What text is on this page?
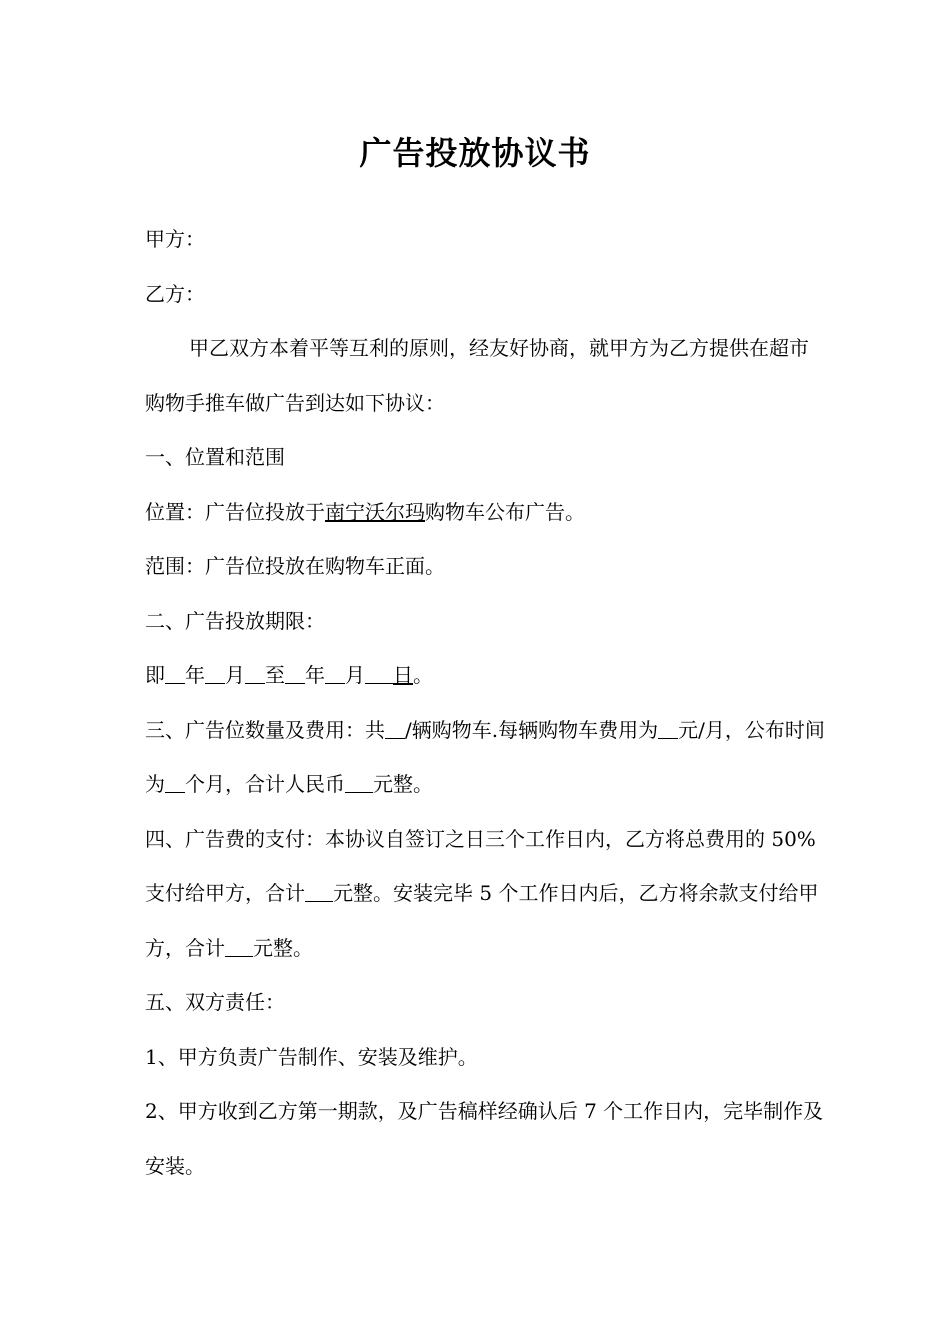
广告投放协议书

甲方：

乙方：

甲乙双方本着平等互利的原则，经友好协商，就甲方为乙方提供在超市购物手推车做广告到达如下协议：

一、位置和范围

位置：广告位投放于南宁沃尔玛购物车公布广告。

范围：广告位投放在购物车正面。

二、广告投放期限：

即 年 月 至 年 月 日。

三、广告位数量及费用：共 /辆购物车.每辆购物车费用为 元/月，公布时间为 个月，合计人民币 元整。

四、广告费的支付：本协议自签订之日三个工作日内，乙方将总费用的 50%支付给甲方，合计 元整。安装完毕 5 个工作日内后，乙方将余款支付给甲方，合计 元整。

五、双方责任：

1、甲方负责广告制作、安装及维护。

2、甲方收到乙方第一期款，及广告稿样经确认后 7 个工作日内，完毕制作及安装。
